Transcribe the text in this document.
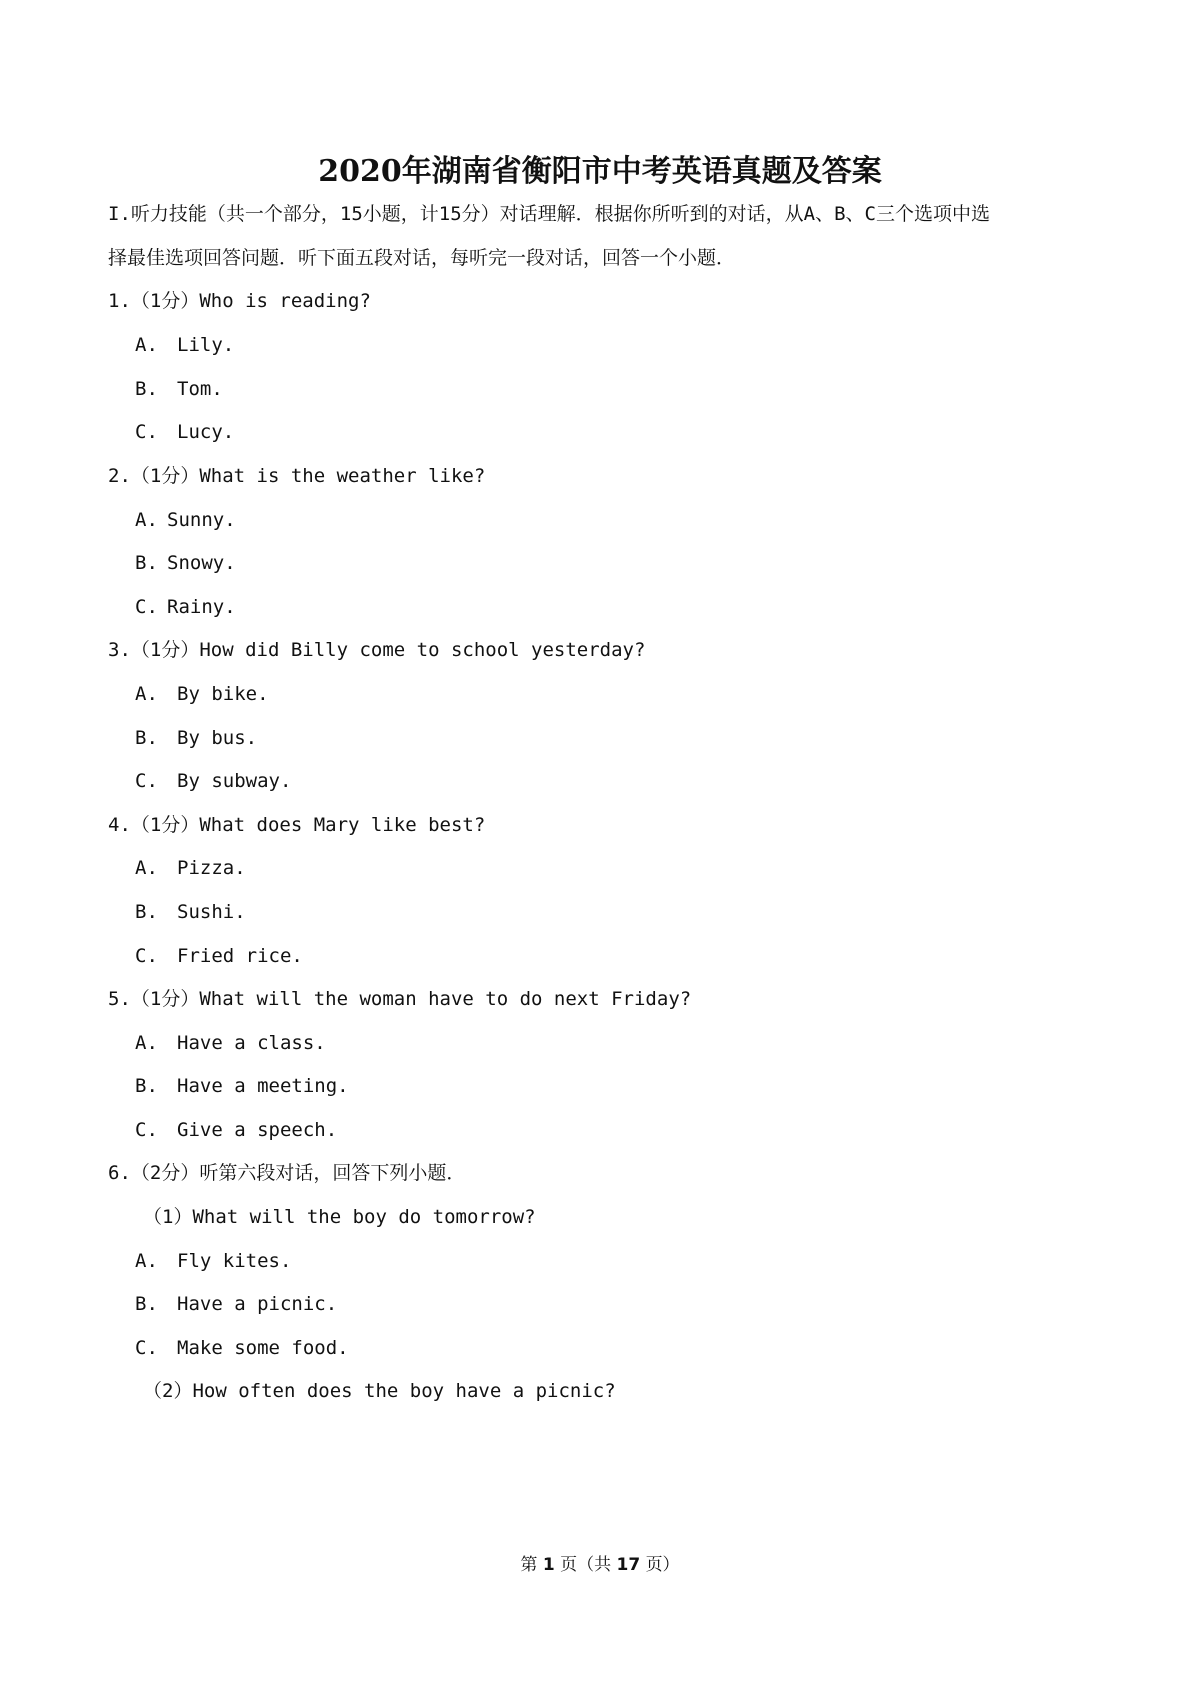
2020年湖南省衡阳市中考英语真题及答案

I.听力技能（共一个部分，15小题，计15分）对话理解．根据你所听到的对话，从A、B、C三个选项中选

择最佳选项回答问题．听下面五段对话，每听完一段对话，回答一个小题．

1.（1分）Who is reading?

A. Lily.

B. Tom.

C. Lucy.

2.（1分）What is the weather like?

A. Sunny.

B. Snowy.

C. Rainy.

3.（1分）How did Billy come to school yesterday?

A. By bike.

B. By bus.

C. By subway.

4.（1分）What does Mary like best?

A. Pizza.

B. Sushi.

C. Fried rice.

5.（1分）What will the woman have to do next Friday?

A. Have a class.

B. Have a meeting.

C. Give a speech.

6.（2分）听第六段对话，回答下列小题．

（1）What will the boy do tomorrow?

A. Fly kites.

B. Have a picnic.

C. Make some food.

（2）How often does the boy have a picnic?

第 1 页（共 17 页）
